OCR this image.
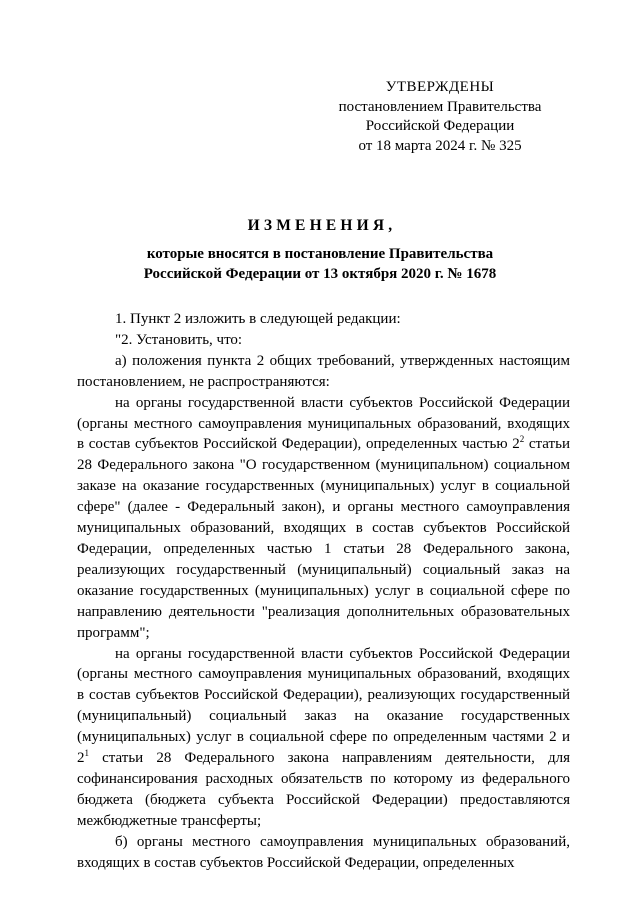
УТВЕРЖДЕНЫ
постановлением Правительства
Российской Федерации
от 18 марта 2024 г. № 325
ИЗМЕНЕНИЯ,
которые вносятся в постановление Правительства
Российской Федерации от 13 октября 2020 г. № 1678

1. Пункт 2 изложить в следующей редакции:

"2. Установить, что:

а) положения пункта 2 общих требований, утвержденных настоящим постановлением, не распространяются:

на органы государственной власти субъектов Российской Федерации (органы местного самоуправления муниципальных образований, входящих в состав субъектов Российской Федерации), определенных частью 2$^2$ статьи 28 Федерального закона "О государственном (муниципальном) социальном заказе на оказание государственных (муниципальных) услуг в социальной сфере" (далее - Федеральный закон), и органы местного самоуправления муниципальных образований, входящих в состав субъектов Российской Федерации, определенных частью 1 статьи 28 Федерального закона, реализующих государственный (муниципальный) социальный заказ на оказание государственных (муниципальных) услуг в социальной сфере по направлению деятельности "реализация дополнительных образовательных программ";

на органы государственной власти субъектов Российской Федерации (органы местного самоуправления муниципальных образований, входящих в состав субъектов Российской Федерации), реализующих государственный (муниципальный) социальный заказ на оказание государственных (муниципальных) услуг в социальной сфере по определенным частями 2 и 2$^1$ статьи 28 Федерального закона направлениям деятельности, для софинансирования расходных обязательств по которому из федерального бюджета (бюджета субъекта Российской Федерации) предоставляются межбюджетные трансферты;

б) органы местного самоуправления муниципальных образований, входящих в состав субъектов Российской Федерации, определенных
